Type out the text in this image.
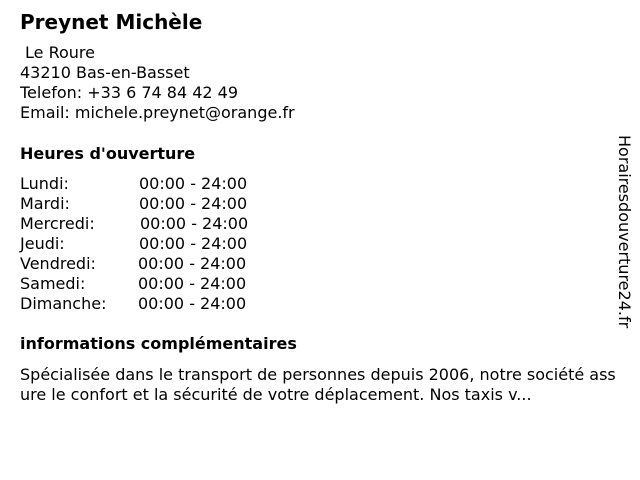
Preynet Michèle
Le Roure
43210 Bas-en-Basset
Telefon: +33 6 74 84 42 49
Email: michele.preynet@orange.fr
Heures d'ouverture
Lundi:	00:00 - 24:00
Mardi:	00:00 - 24:00
Mercredi:	00:00 - 24:00
Jeudi:	00:00 - 24:00
Vendredi:	00:00 - 24:00
Samedi:	00:00 - 24:00
Dimanche: 00:00 - 24:00
informations complémentaires

Spécialisée dans le transport de personnes depuis 2006, notre société assure le confort et la sécurité de votre déplacement. Nos taxis v...

Horairesdouverture24.fr
